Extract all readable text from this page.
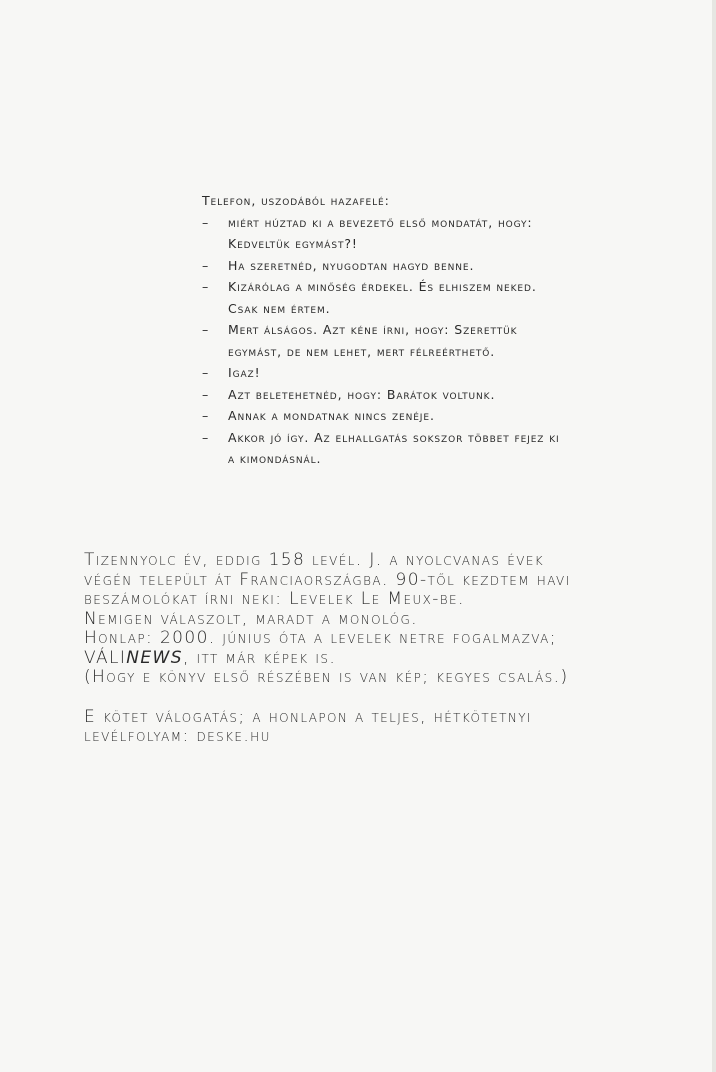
Telefon, uszodából hazafelé:
– miért húztad ki a bevezető első mondatát, hogy:
Kedveltük egymást?!
– Ha szeretnéd, nyugodtan hagyd benne.
– Kizárólag a minőség érdekel. És elhiszem neked.
Csak nem értem.
– Mert álságos. Azt kéne írni, hogy: Szerettük
egymást, de nem lehet, mert félreérthető.
– Igaz!
– Azt beletehetnéd, hogy: Barátok voltunk.
– Annak a mondatnak nincs zenéje.
– Akkor jó így. Az elhallgatás sokszor többet fejez ki
a kimondásnál.
Tizennyolc év, eddig 158 levél. J. a nyolcvanas évek
végén települt át Franciaországba. 90-től kezdtem havi
beszámolókat írni neki: Levelek Le Meux-be.
Nemigen válaszolt, maradt a monológ.
Honlap: 2000. június óta a levelek netre fogalmazva;
VÁLINEWS, itt már képek is.
(Hogy e könyv első részében is van kép; kegyes csalás.)
E kötet válogatás; a honlapon a teljes, hétkötetnyi
levélfolyam: deske.hu
